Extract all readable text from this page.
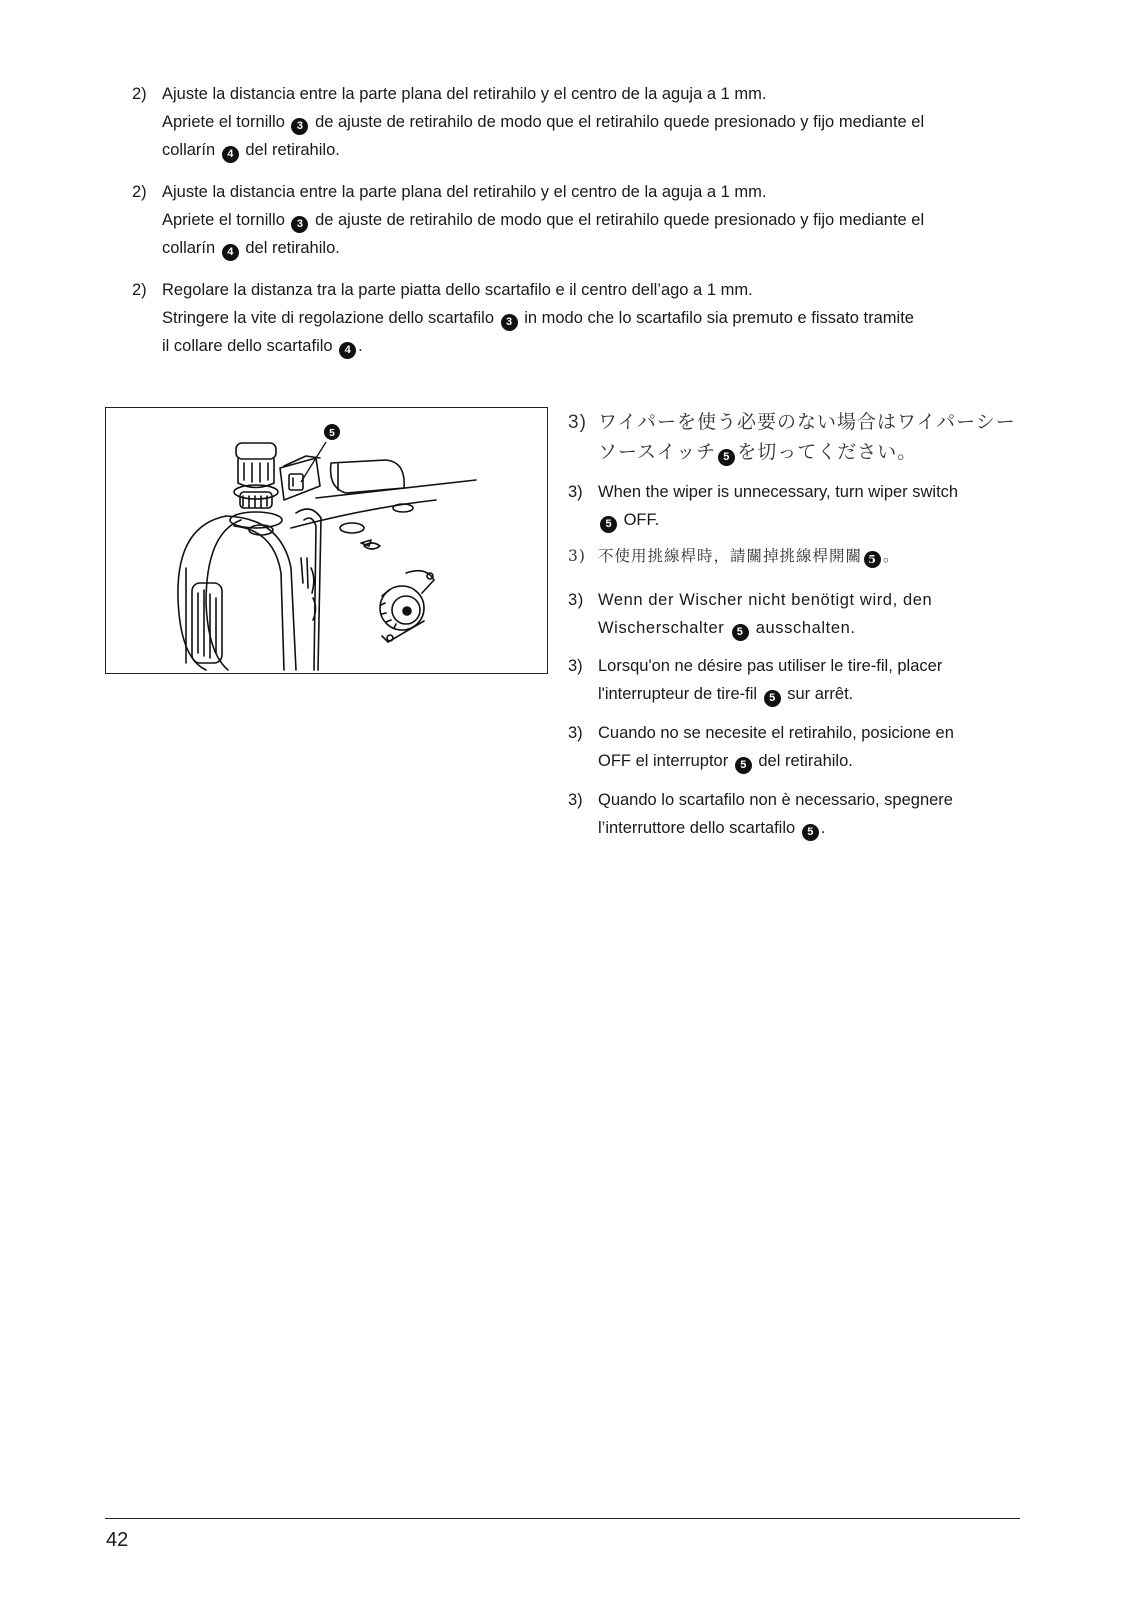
2) Ajuste la distancia entre la parte plana del retirahilo y el centro de la aguja a 1 mm.
Apriete el tornillo 3 de ajuste de retirahilo de modo que el retirahilo quede presionado y fijo mediante el
collarín 4 del retirahilo.
2) Ajuste la distancia entre la parte plana del retirahilo y el centro de la aguja a 1 mm.
Apriete el tornillo 3 de ajuste de retirahilo de modo que el retirahilo quede presionado y fijo mediante el
collarín 4 del retirahilo.
2) Regolare la distanza tra la parte piatta dello scartafilo e il centro dell’ago a 1 mm.
Stringere la vite di regolazione dello scartafilo 3 in modo che lo scartafilo sia premuto e fissato tramite
il collare dello scartafilo 4 .
5
3) ワイパーを使う必要のない場合はワイパーシー
ソースイッチ 5 を切ってください。
3) When the wiper is unnecessary, turn wiper switch
5 OFF.
3) 不使用挑線桿時，請關掉挑線桿開關 5 。
3) Wenn der Wischer nicht benötigt wird, den
Wischerschalter 5 ausschalten.
3) Lorsqu'on ne désire pas utiliser le tire-fil, placer
l'interrupteur de tire-fil 5 sur arrêt.
3) Cuando no se necesite el retirahilo, posicione en
OFF el interruptor 5 del retirahilo.
3) Quando lo scartafilo non è necessario, spegnere
l’interruttore dello scartafilo 5 .
42
